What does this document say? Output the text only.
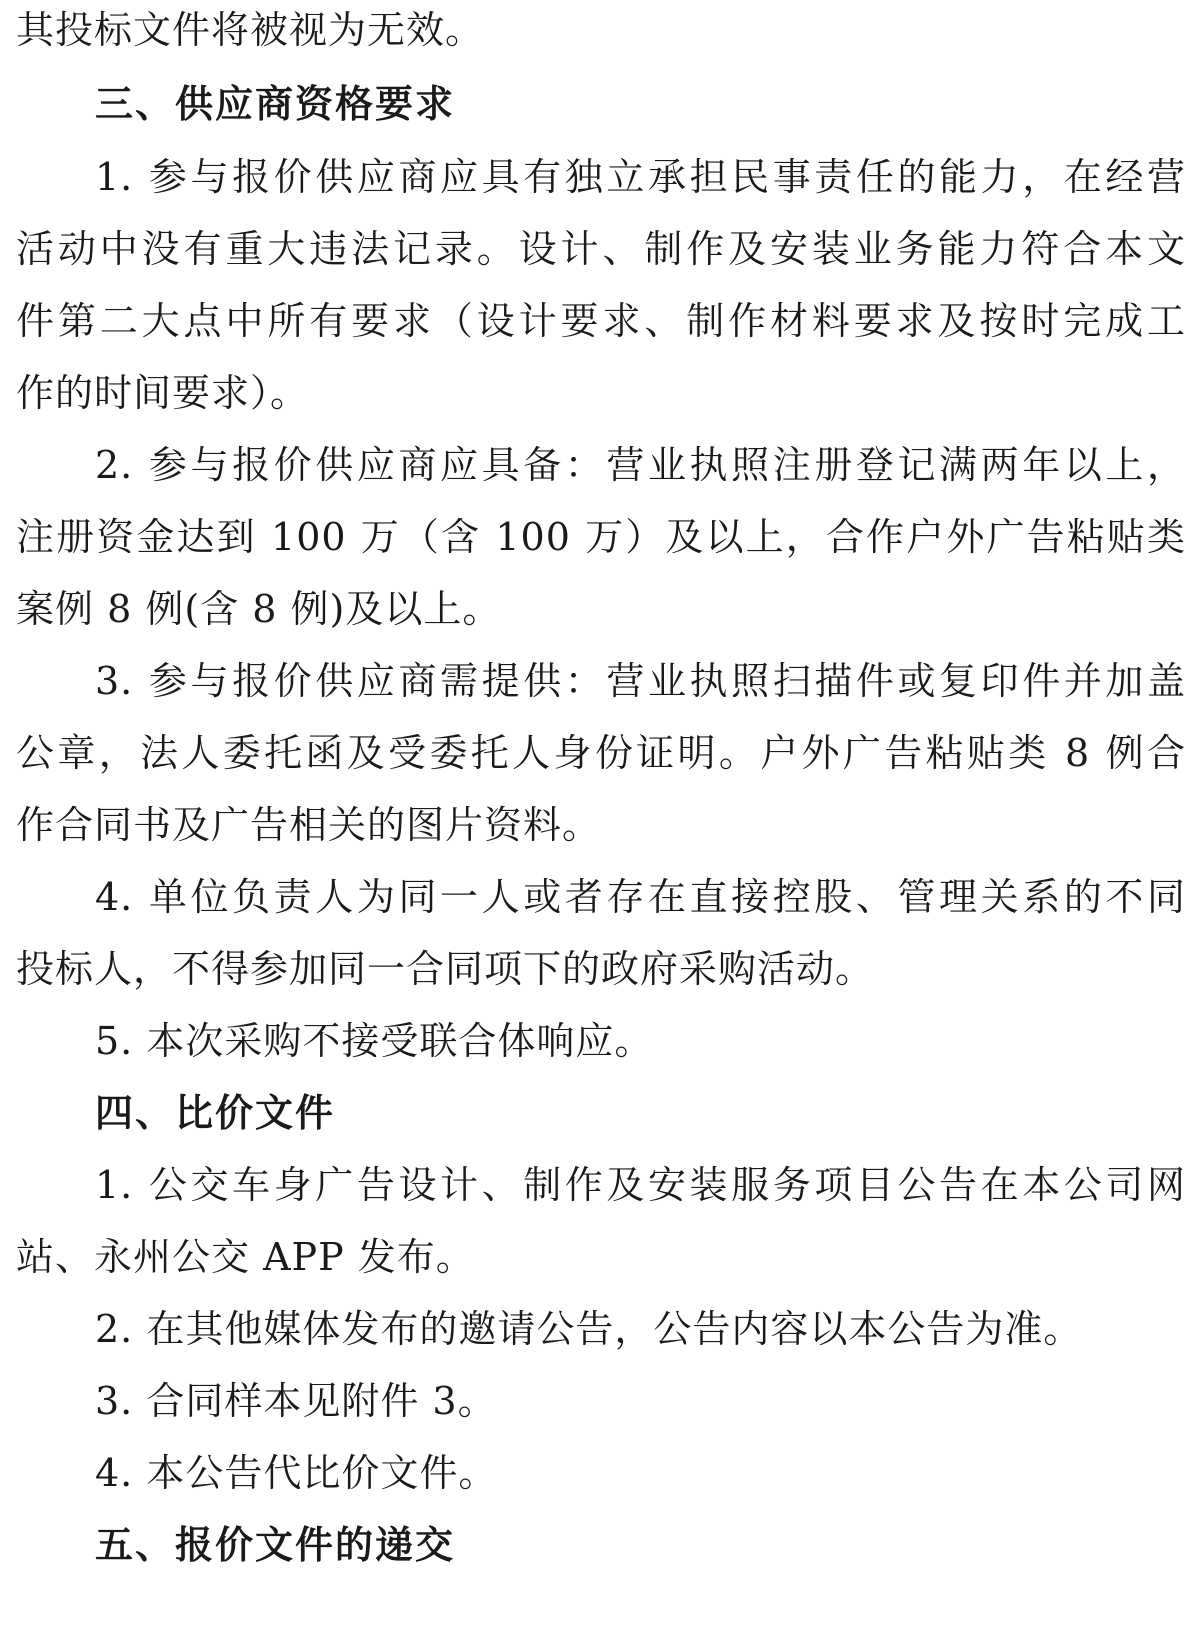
其投标文件将被视为无效。
三、供应商资格要求
1. 参与报价供应商应具有独立承担民事责任的能力，在经营
活动中没有重大违法记录。设计、制作及安装业务能力符合本文
件第二大点中所有要求（设计要求、制作材料要求及按时完成工
作的时间要求）。
2. 参与报价供应商应具备：营业执照注册登记满两年以上，
注册资金达到 100 万（含 100 万）及以上，合作户外广告粘贴类
案例 8 例(含 8 例)及以上。
3. 参与报价供应商需提供：营业执照扫描件或复印件并加盖
公章，法人委托函及受委托人身份证明。户外广告粘贴类 8 例合
作合同书及广告相关的图片资料。
4. 单位负责人为同一人或者存在直接控股、管理关系的不同
投标人，不得参加同一合同项下的政府采购活动。
5. 本次采购不接受联合体响应。
四、比价文件
1. 公交车身广告设计、制作及安装服务项目公告在本公司网
站、永州公交 APP 发布。
2. 在其他媒体发布的邀请公告，公告内容以本公告为准。
3. 合同样本见附件 3。
4. 本公告代比价文件。
五、报价文件的递交
